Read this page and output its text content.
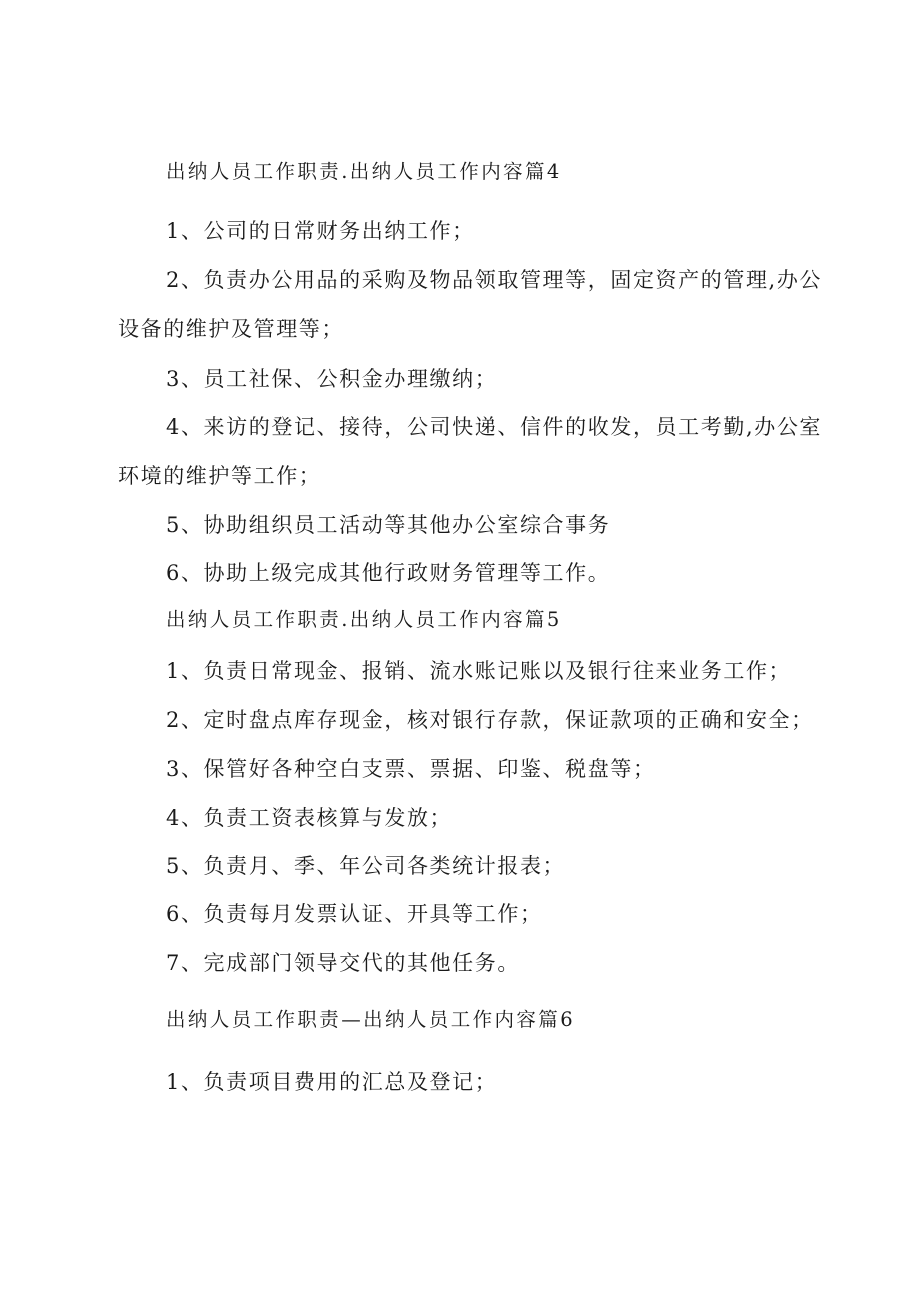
出纳人员工作职责.出纳人员工作内容篇4
1、公司的日常财务出纳工作；
2、负责办公用品的采购及物品领取管理等，固定资产的管理,办公
设备的维护及管理等；
3、员工社保、公积金办理缴纳；
4、来访的登记、接待，公司快递、信件的收发，员工考勤,办公室
环境的维护等工作；
5、协助组织员工活动等其他办公室综合事务
6、协助上级完成其他行政财务管理等工作。
出纳人员工作职责.出纳人员工作内容篇5
1、负责日常现金、报销、流水账记账以及银行往来业务工作；
2、定时盘点库存现金，核对银行存款，保证款项的正确和安全；
3、保管好各种空白支票、票据、印鉴、税盘等；
4、负责工资表核算与发放；
5、负责月、季、年公司各类统计报表；
6、负责每月发票认证、开具等工作；
7、完成部门领导交代的其他任务。
出纳人员工作职责—出纳人员工作内容篇6
1、负责项目费用的汇总及登记；
